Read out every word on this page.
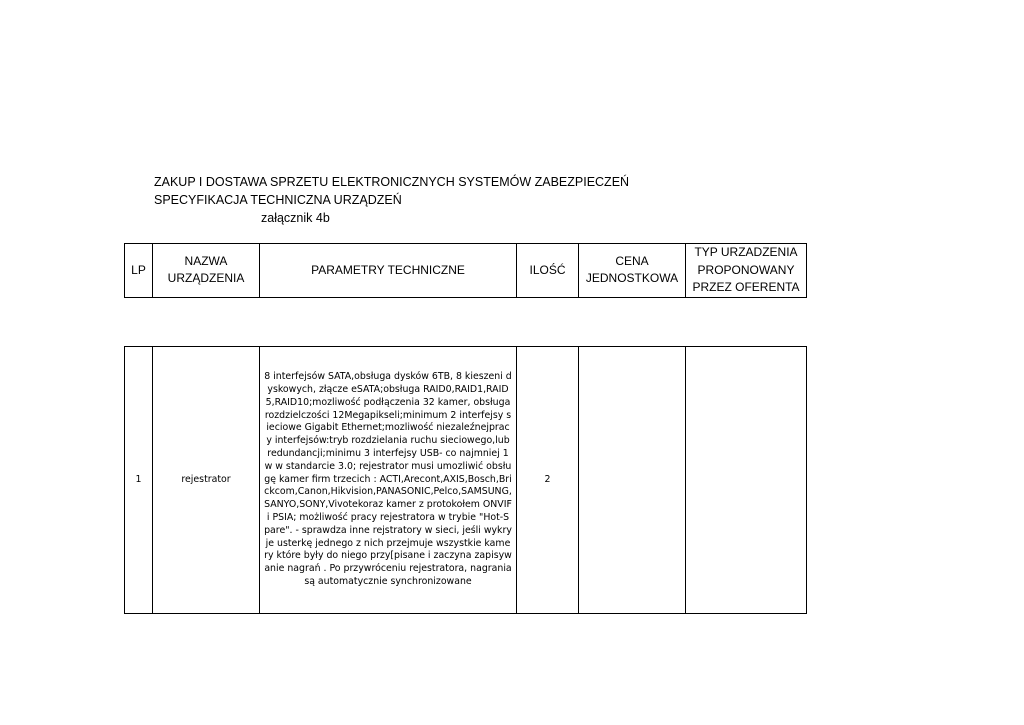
ZAKUP I DOSTAWA SPRZETU ELEKTRONICZNYCH SYSTEMÓW ZABEZPIECZEŃ
SPECYFIKACJA TECHNICZNA URZĄDZEŃ
załącznik 4b
LP	NAZWA URZĄDZENIA	PARAMETRY TECHNICZNE	ILOŚĆ	CENA JEDNOSTKOWA	TYP URZADZENIA PROPONOWANY PRZEZ OFERENTA
1	rejestrator	8 interfejsów SATA,obsługa dysków 6TB, 8 kieszeni dyskowych, złącze eSATA;obsługa RAID0,RAID1,RAID5,RAID10;mozliwość podłączenia 32 kamer, obsługa rozdzielczości 12Megapikseli;minimum 2 interfejsy sieciowe Gigabit Ethernet;mozliwość niezaleźnejpracy interfejsów:tryb rozdzielania ruchu sieciowego,lub redundancji;minimu 3 interfejsy USB- co najmniej 1 w w standarcie 3.0; rejestrator musi umozliwić obsługę kamer firm trzecich : ACTI,Arecont,AXIS,Bosch,Brickcom,Canon,Hikvision,PANASONIC,Pelco,SAMSUNG,SANYO,SONY,Vivotekoraz kamer z protokołem ONVIF i PSIA; możliwość pracy rejestratora w trybie "Hot-Spare". - sprawdza inne rejstratory w sieci, jeśli wykryje usterkę jednego z nich przejmuje wszystkie kamery które były do niego przy[pisane i zaczyna zapisywanie nagrań . Po przywróceniu rejestratora, nagrania są automatycznie synchronizowane	2		
